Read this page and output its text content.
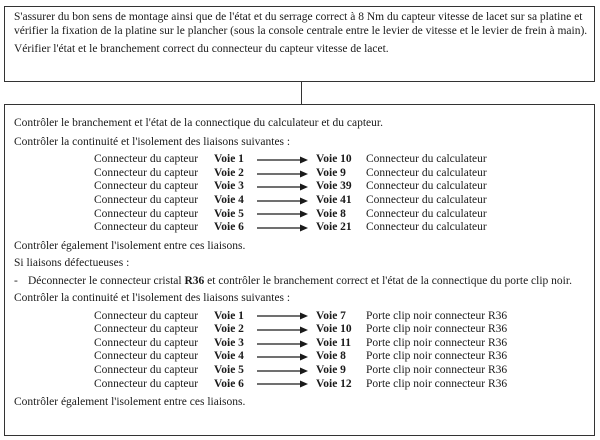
S'assurer du bon sens de montage ainsi que de l'état et du serrage correct à 8 Nm du capteur vitesse de lacet sur sa platine et vérifier la fixation de la platine sur le plancher (sous la console centrale entre le levier de vitesse et le levier de frein à main).

Vérifier l'état et le branchement correct du connecteur du capteur vitesse de lacet.

Contrôler le branchement et l'état de la connectique du calculateur et du capteur.

Contrôler la continuité et l'isolement des liaisons suivantes :

Connecteur du capteur	Voie 1		Voie 10	Connecteur du calculateur
Connecteur du capteur	Voie 2		Voie 9	Connecteur du calculateur
Connecteur du capteur	Voie 3		Voie 39	Connecteur du calculateur
Connecteur du capteur	Voie 4		Voie 41	Connecteur du calculateur
Connecteur du capteur	Voie 5		Voie 8	Connecteur du calculateur
Connecteur du capteur	Voie 6		Voie 21	Connecteur du calculateur

Contrôler également l'isolement entre ces liaisons.

Si liaisons défectueuses :

- Déconnecter le connecteur cristal R36 et contrôler le branchement correct et l'état de la connectique du porte clip noir.

Contrôler la continuité et l'isolement des liaisons suivantes :

Connecteur du capteur	Voie 1		Voie 7	Porte clip noir connecteur R36
Connecteur du capteur	Voie 2		Voie 10	Porte clip noir connecteur R36
Connecteur du capteur	Voie 3		Voie 11	Porte clip noir connecteur R36
Connecteur du capteur	Voie 4		Voie 8	Porte clip noir connecteur R36
Connecteur du capteur	Voie 5		Voie 9	Porte clip noir connecteur R36
Connecteur du capteur	Voie 6		Voie 12	Porte clip noir connecteur R36

Contrôler également l'isolement entre ces liaisons.
